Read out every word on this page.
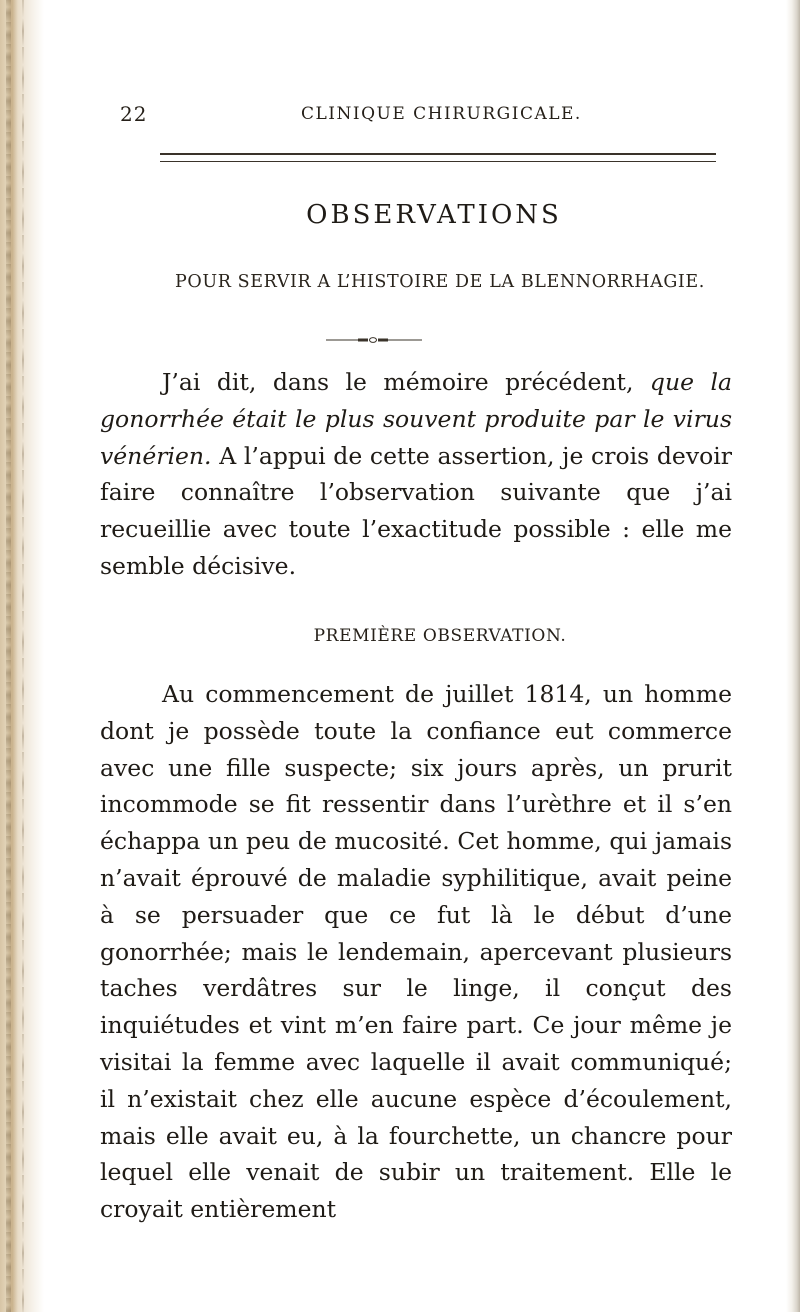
22	CLINIQUE CHIRURGICALE.
OBSERVATIONS
POUR SERVIR A L’HISTOIRE DE LA BLENNORRHAGIE.

J’ai dit, dans le mémoire précédent, que la gonorrhée était le plus souvent produite par le virus vénérien. A l’appui de cette assertion, je crois devoir faire connaître l’observation suivante que j’ai recueillie avec toute l’exactitude possible : elle me semble décisive.

PREMIÈRE OBSERVATION.

Au commencement de juillet 1814, un homme dont je possède toute la confiance eut commerce avec une fille suspecte; six jours après, un prurit incommode se fit ressentir dans l’urèthre et il s’en échappa un peu de mucosité. Cet homme, qui jamais n’avait éprouvé de maladie syphilitique, avait peine à se persuader que ce fut là le début d’une gonorrhée; mais le lendemain, apercevant plusieurs taches verdâtres sur le linge, il conçut des inquiétudes et vint m’en faire part. Ce jour même je visitai la femme avec laquelle il avait communiqué; il n’existait chez elle aucune espèce d’écoulement, mais elle avait eu, à la fourchette, un chancre pour lequel elle venait de subir un traitement. Elle le croyait entièrement
